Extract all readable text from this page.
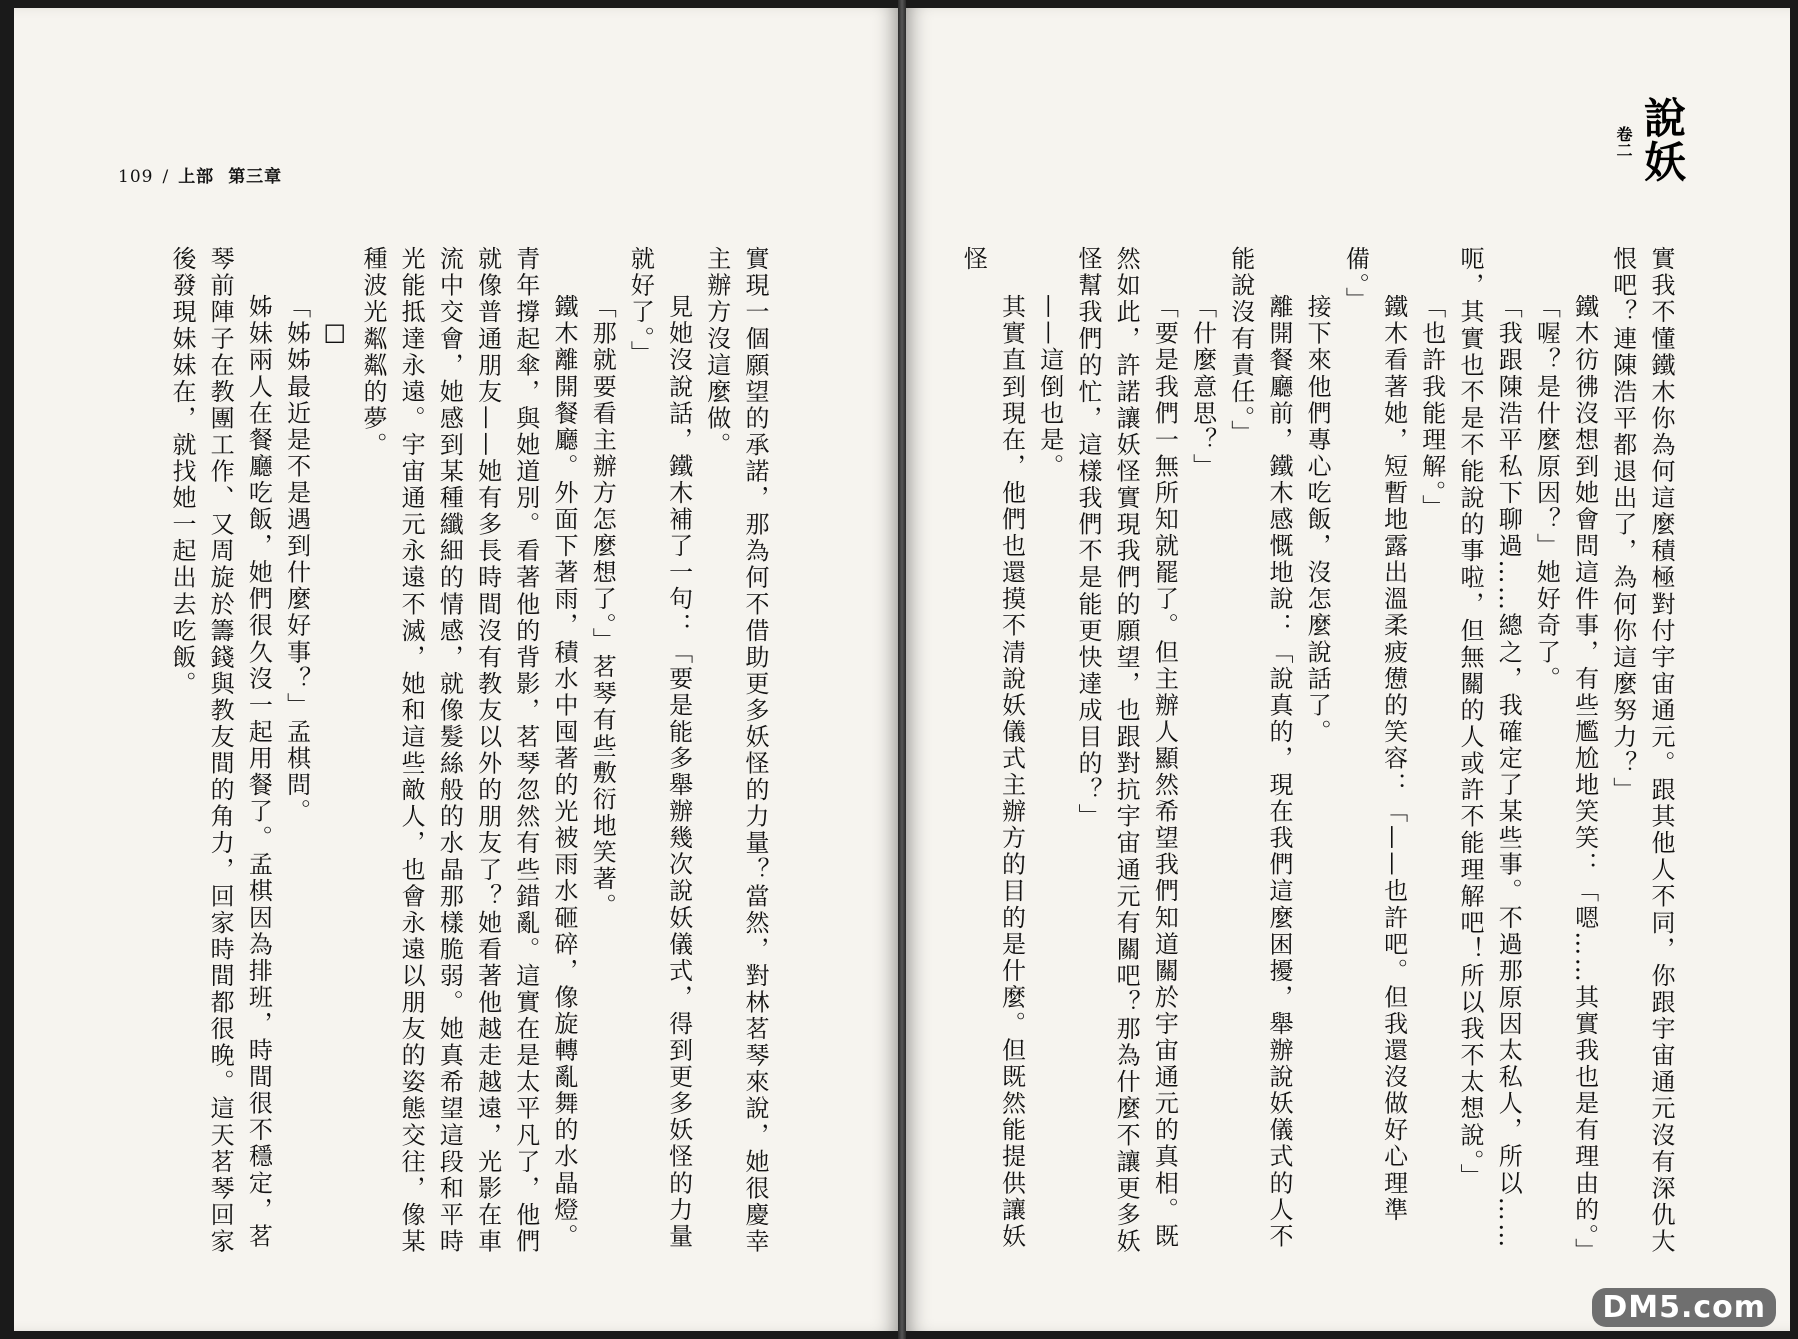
109 / 上部 第三章

實現一個願望的承諾，那為何不借助更多妖怪的力量？當然，對林茗琴來說，她很慶幸主辦方沒這麼做。

見她沒說話，鐵木補了一句：「要是能多舉辦幾次說妖儀式，得到更多妖怪的力量就好了。」

「那就要看主辦方怎麼想了。」茗琴有些敷衍地笑著。

鐵木離開餐廳。外面下著雨，積水中囤著的光被雨水砸碎，像旋轉亂舞的水晶燈。青年撐起傘，與她道別。看著他的背影，茗琴忽然有些錯亂。這實在是太平凡了，他們就像普通朋友——她有多長時間沒有教友以外的朋友了？她看著他越走越遠，光影在車流中交會，她感到某種纖細的情感，就像髮絲般的水晶那樣脆弱。她真希望這段和平時光能抵達永遠。宇宙通元永遠不滅，她和這些敵人，也會永遠以朋友的姿態交往，像某種波光粼粼的夢。

□

「姊姊最近是不是遇到什麼好事？」孟棋問。

姊妹兩人在餐廳吃飯，她們很久沒一起用餐了。孟棋因為排班，時間很不穩定，茗琴前陣子在教團工作、又周旋於籌錢與教友間的角力，回家時間都很晚。這天茗琴回家後發現妹妹在，就找她一起出去吃飯。

說妖
卷二

實我不懂鐵木你為何這麼積極對付宇宙通元。跟其他人不同，你跟宇宙通元沒有深仇大恨吧？連陳浩平都退出了，為何你這麼努力？」

鐵木彷彿沒想到她會問這件事，有些尷尬地笑笑：「嗯……其實我也是有理由的。」

「喔？是什麼原因？」她好奇了。

「我跟陳浩平私下聊過……總之，我確定了某些事。不過那原因太私人，所以……呃，其實也不是不能說的事啦，但無關的人或許不能理解吧！所以我不太想說。」

「也許我能理解。」

鐵木看著她，短暫地露出溫柔疲憊的笑容：「——也許吧。但我還沒做好心理準備。」

接下來他們專心吃飯，沒怎麼說話了。

離開餐廳前，鐵木感慨地說：「說真的，現在我們這麼困擾，舉辦說妖儀式的人不能說沒有責任。」

「什麼意思？」

「要是我們一無所知就罷了。但主辦人顯然希望我們知道關於宇宙通元的真相。既然如此，許諾讓妖怪實現我們的願望，也跟對抗宇宙通元有關吧？那為什麼不讓更多妖怪幫我們的忙，這樣我們不是能更快達成目的？」

——這倒也是。

其實直到現在，他們也還摸不清說妖儀式主辦方的目的是什麼。但既然能提供讓妖怪

DM5.com
